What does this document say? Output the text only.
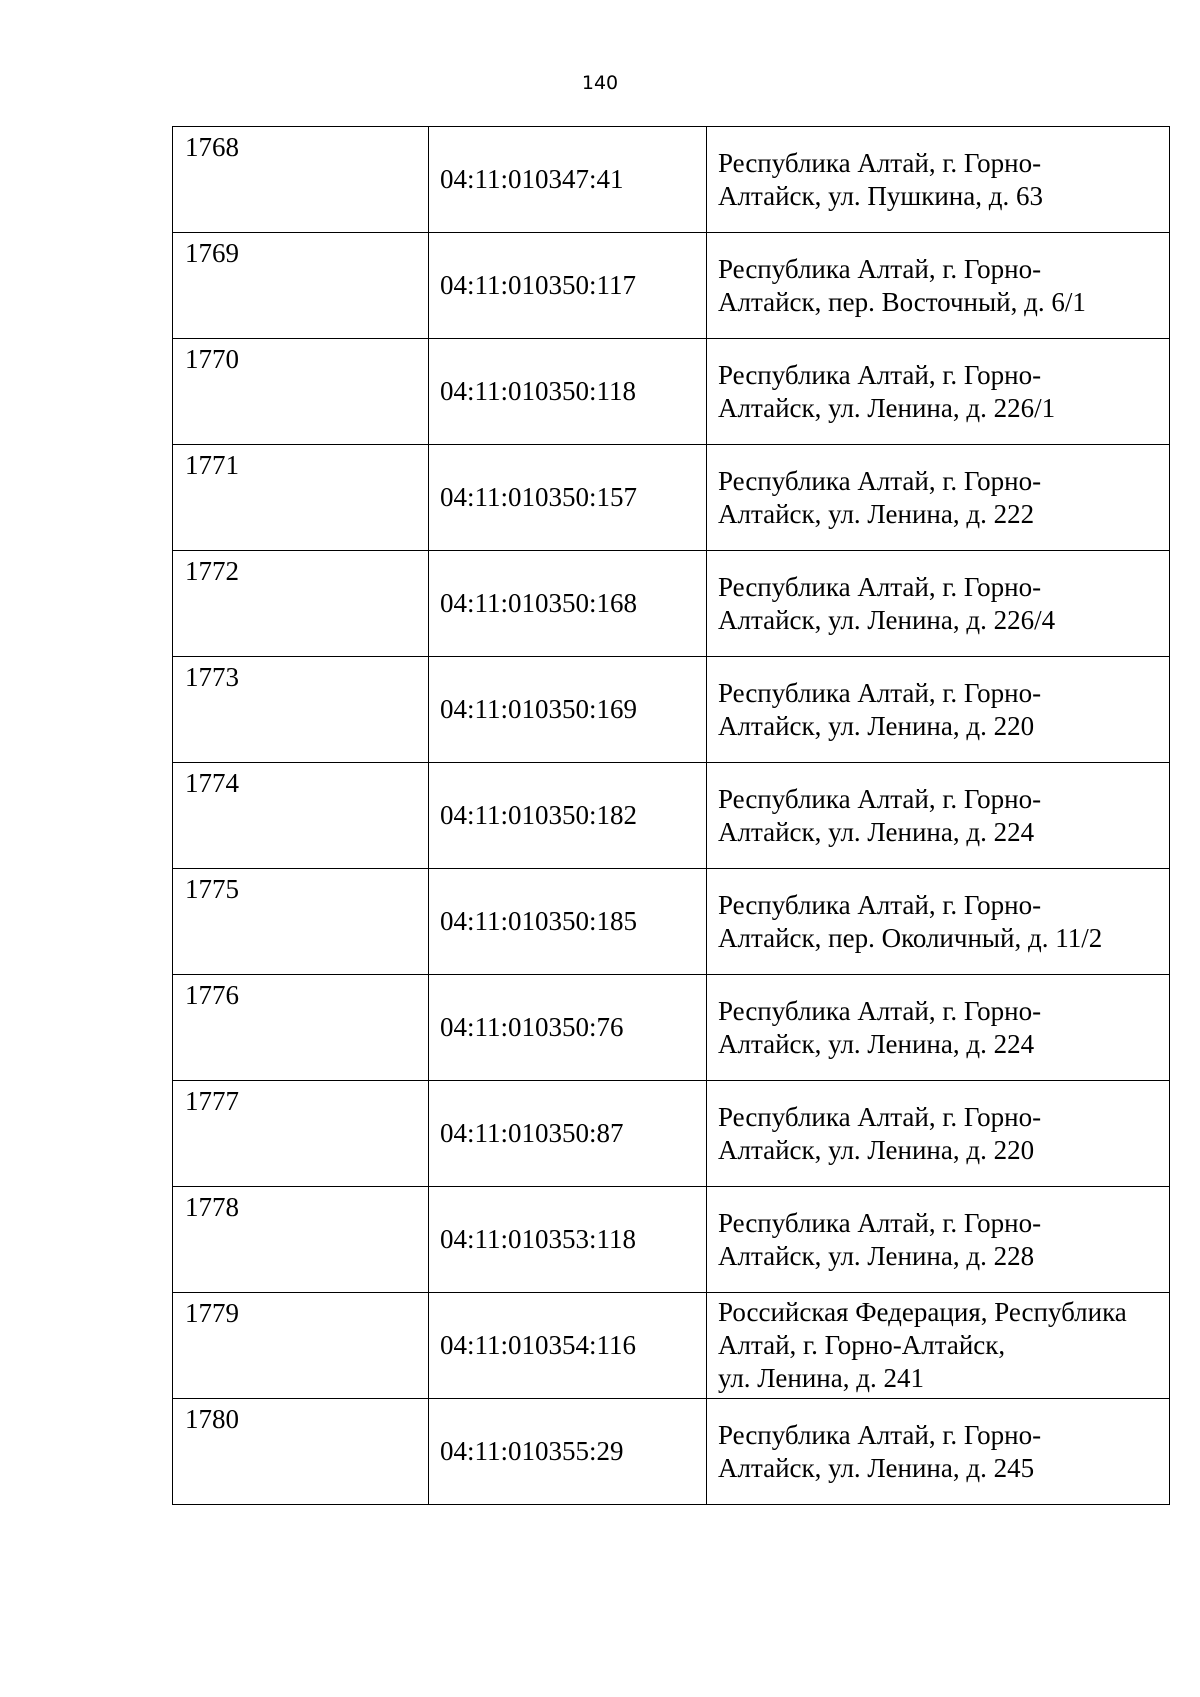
140
1768	04:11:010347:41	Республика Алтай, г. Горно-
Алтайск, ул. Пушкина, д. 63

1769	04:11:010350:117	Республика Алтай, г. Горно-
Алтайск, пер. Восточный, д. 6/1

1770	04:11:010350:118	Республика Алтай, г. Горно-
Алтайск, ул. Ленина, д. 226/1

1771	04:11:010350:157	Республика Алтай, г. Горно-
Алтайск, ул. Ленина, д. 222

1772	04:11:010350:168	Республика Алтай, г. Горно-
Алтайск, ул. Ленина, д. 226/4

1773	04:11:010350:169	Республика Алтай, г. Горно-
Алтайск, ул. Ленина, д. 220

1774	04:11:010350:182	Республика Алтай, г. Горно-
Алтайск, ул. Ленина, д. 224

1775	04:11:010350:185	Республика Алтай, г. Горно-
Алтайск, пер. Околичный, д. 11/2

1776	04:11:010350:76	Республика Алтай, г. Горно-
Алтайск, ул. Ленина, д. 224

1777	04:11:010350:87	Республика Алтай, г. Горно-
Алтайск, ул. Ленина, д. 220

1778	04:11:010353:118	Республика Алтай, г. Горно-
Алтайск, ул. Ленина, д. 228

1779	04:11:010354:116	Российская Федерация, Республика
Алтай, г. Горно-Алтайск,
ул. Ленина, д. 241

1780	04:11:010355:29	Республика Алтай, г. Горно-
Алтайск, ул. Ленина, д. 245
